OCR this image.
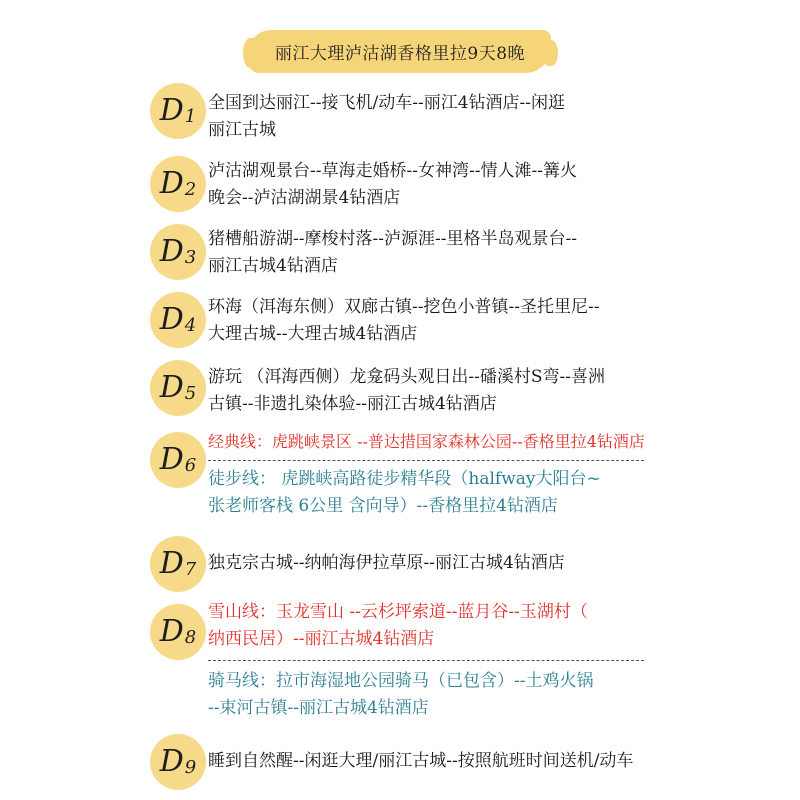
丽江大理泸沽湖香格里拉9天8晚
D 1
全国到达丽江--接飞机/动车--丽江4钻酒店--闲逛
丽江古城
D 2
泸沽湖观景台--草海走婚桥--女神湾--情人滩--篝火
晚会--泸沽湖湖景4钻酒店
D 3
猪槽船游湖--摩梭村落--泸源涯--里格半岛观景台--
丽江古城4钻酒店
D 4
环海（洱海东侧）双廊古镇--挖色小普镇--圣托里尼--
大理古城--大理古城4钻酒店
D 5
游玩 （洱海西侧）龙龛码头观日出--磻溪村S弯--喜洲
古镇--非遗扎染体验--丽江古城4钻酒店
D 6
经典线：虎跳峡景区 --普达措国家森林公园--香格里拉4钻酒店
徒步线： 虎跳峡高路徒步精华段（halfway大阳台~
张老师客栈 6公里 含向导）--香格里拉4钻酒店
D 7 独克宗古城--纳帕海伊拉草原--丽江古城4钻酒店
D 8
雪山线：玉龙雪山 --云杉坪索道--蓝月谷--玉湖村（
纳西民居）--丽江古城4钻酒店
骑马线：拉市海湿地公园骑马（已包含）--土鸡火锅
--束河古镇--丽江古城4钻酒店
D 9 睡到自然醒--闲逛大理/丽江古城--按照航班时间送机/动车
